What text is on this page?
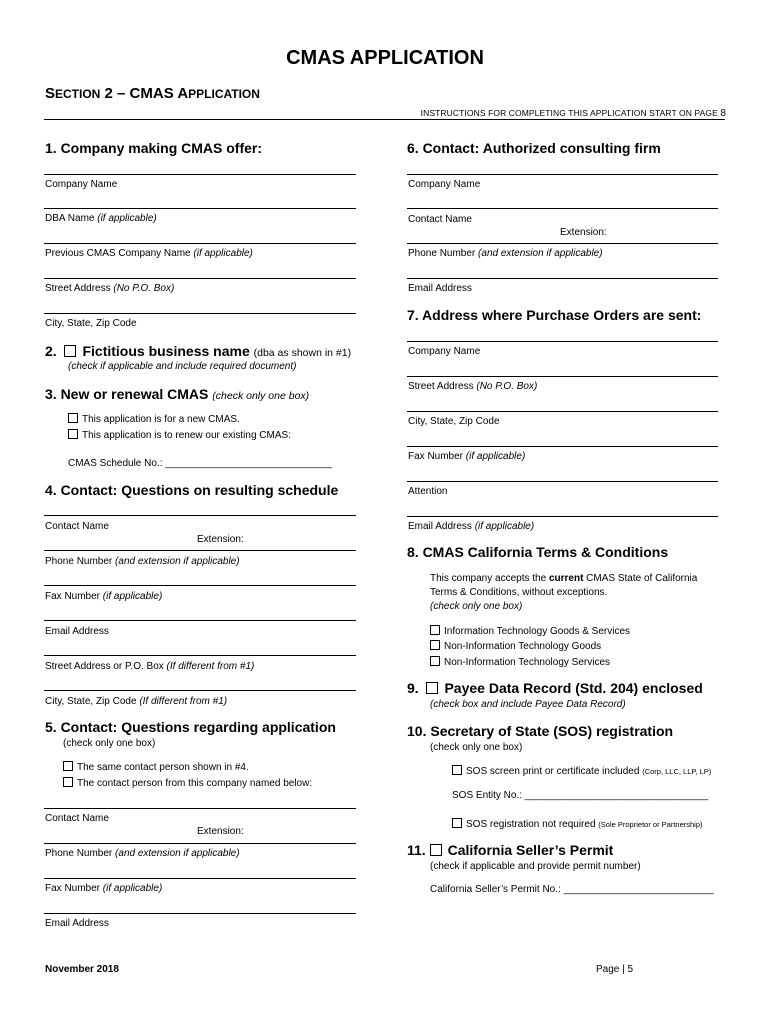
CMAS APPLICATION
SECTION 2 – CMAS APPLICATION
INSTRUCTIONS FOR COMPLETING THIS APPLICATION START ON PAGE 8
1. Company making CMAS offer:
Company Name
DBA Name (if applicable)
Previous CMAS Company Name (if applicable)
Street Address (No P.O. Box)
City, State, Zip Code
2. Fictitious business name (dba as shown in #1)
(check if applicable and include required document)
3. New or renewal CMAS (check only one box)
This application is for a new CMAS.
This application is to renew our existing CMAS:
CMAS Schedule No.: ______________________________
4. Contact: Questions on resulting schedule
Contact Name
Extension:
Phone Number (and extension if applicable)
Fax Number (if applicable)
Email Address
Street Address or P.O. Box (If different from #1)
City, State, Zip Code (If different from #1)
5. Contact: Questions regarding application
(check only one box)
The same contact person shown in #4.
The contact person from this company named below:
Contact Name
Extension:
Phone Number (and extension if applicable)
Fax Number (if applicable)
Email Address
6. Contact: Authorized consulting firm
Company Name
Contact Name
Extension:
Phone Number (and extension if applicable)
Email Address
7. Address where Purchase Orders are sent:
Company Name
Street Address (No P.O. Box)
City, State, Zip Code
Fax Number (if applicable)
Attention
Email Address (if applicable)
8. CMAS California Terms & Conditions
This company accepts the current CMAS State of California
Terms & Conditions, without exceptions.
(check only one box)
Information Technology Goods & Services
Non-Information Technology Goods
Non-Information Technology Services
9. Payee Data Record (Std. 204) enclosed
(check box and include Payee Data Record)
10. Secretary of State (SOS) registration
(check only one box)
SOS screen print or certificate included (Corp, LLC, LLP, LP)
SOS Entity No.: _________________________________
SOS registration not required (Sole Proprietor or Partnership)
11. California Seller’s Permit
(check if applicable and provide permit number)
California Seller’s Permit No.: ___________________________
November 2018	Page | 5
